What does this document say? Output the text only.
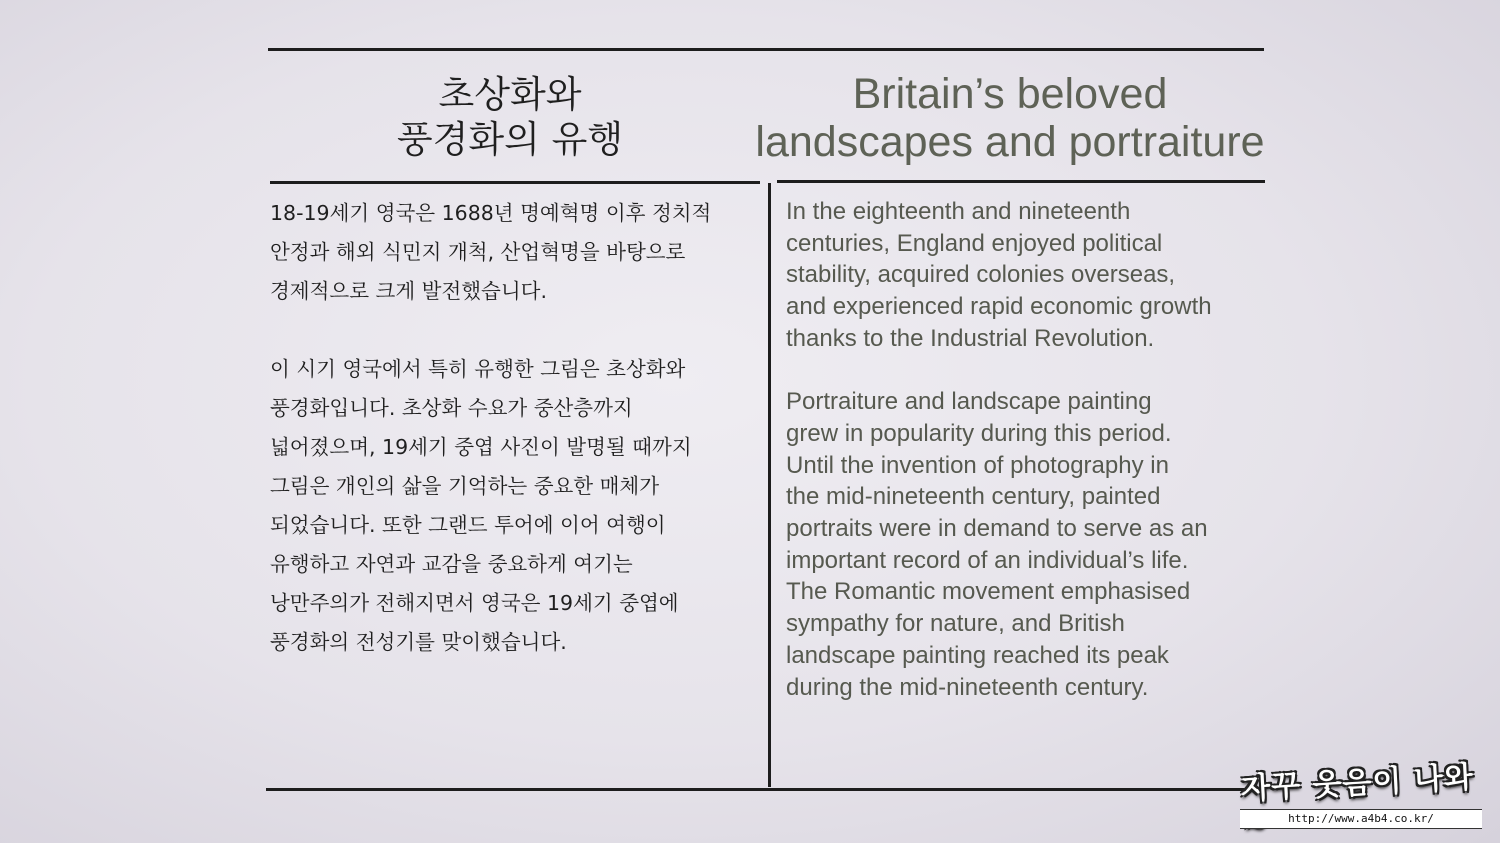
초상화와
풍경화의 유행
Britain’s beloved
landscapes and portraiture

18-19세기 영국은 1688년 명예혁명 이후 정치적
안정과 해외 식민지 개척, 산업혁명을 바탕으로
경제적으로 크게 발전했습니다.

이 시기 영국에서 특히 유행한 그림은 초상화와
풍경화입니다. 초상화 수요가 중산층까지
넓어졌으며, 19세기 중엽 사진이 발명될 때까지
그림은 개인의 삶을 기억하는 중요한 매체가
되었습니다. 또한 그랜드 투어에 이어 여행이
유행하고 자연과 교감을 중요하게 여기는
낭만주의가 전해지면서 영국은 19세기 중엽에
풍경화의 전성기를 맞이했습니다.

In the eighteenth and nineteenth
centuries, England enjoyed political
stability, acquired colonies overseas,
and experienced rapid economic growth
thanks to the Industrial Revolution.

Portraiture and landscape painting
grew in popularity during this period.
Until the invention of photography in
the mid-nineteenth century, painted
portraits were in demand to serve as an
important record of an individual’s life.
The Romantic movement emphasised
sympathy for nature, and British
landscape painting reached its peak
during the mid-nineteenth century.

자꾸 웃음이 나와~	http://www.a4b4.co.kr/
